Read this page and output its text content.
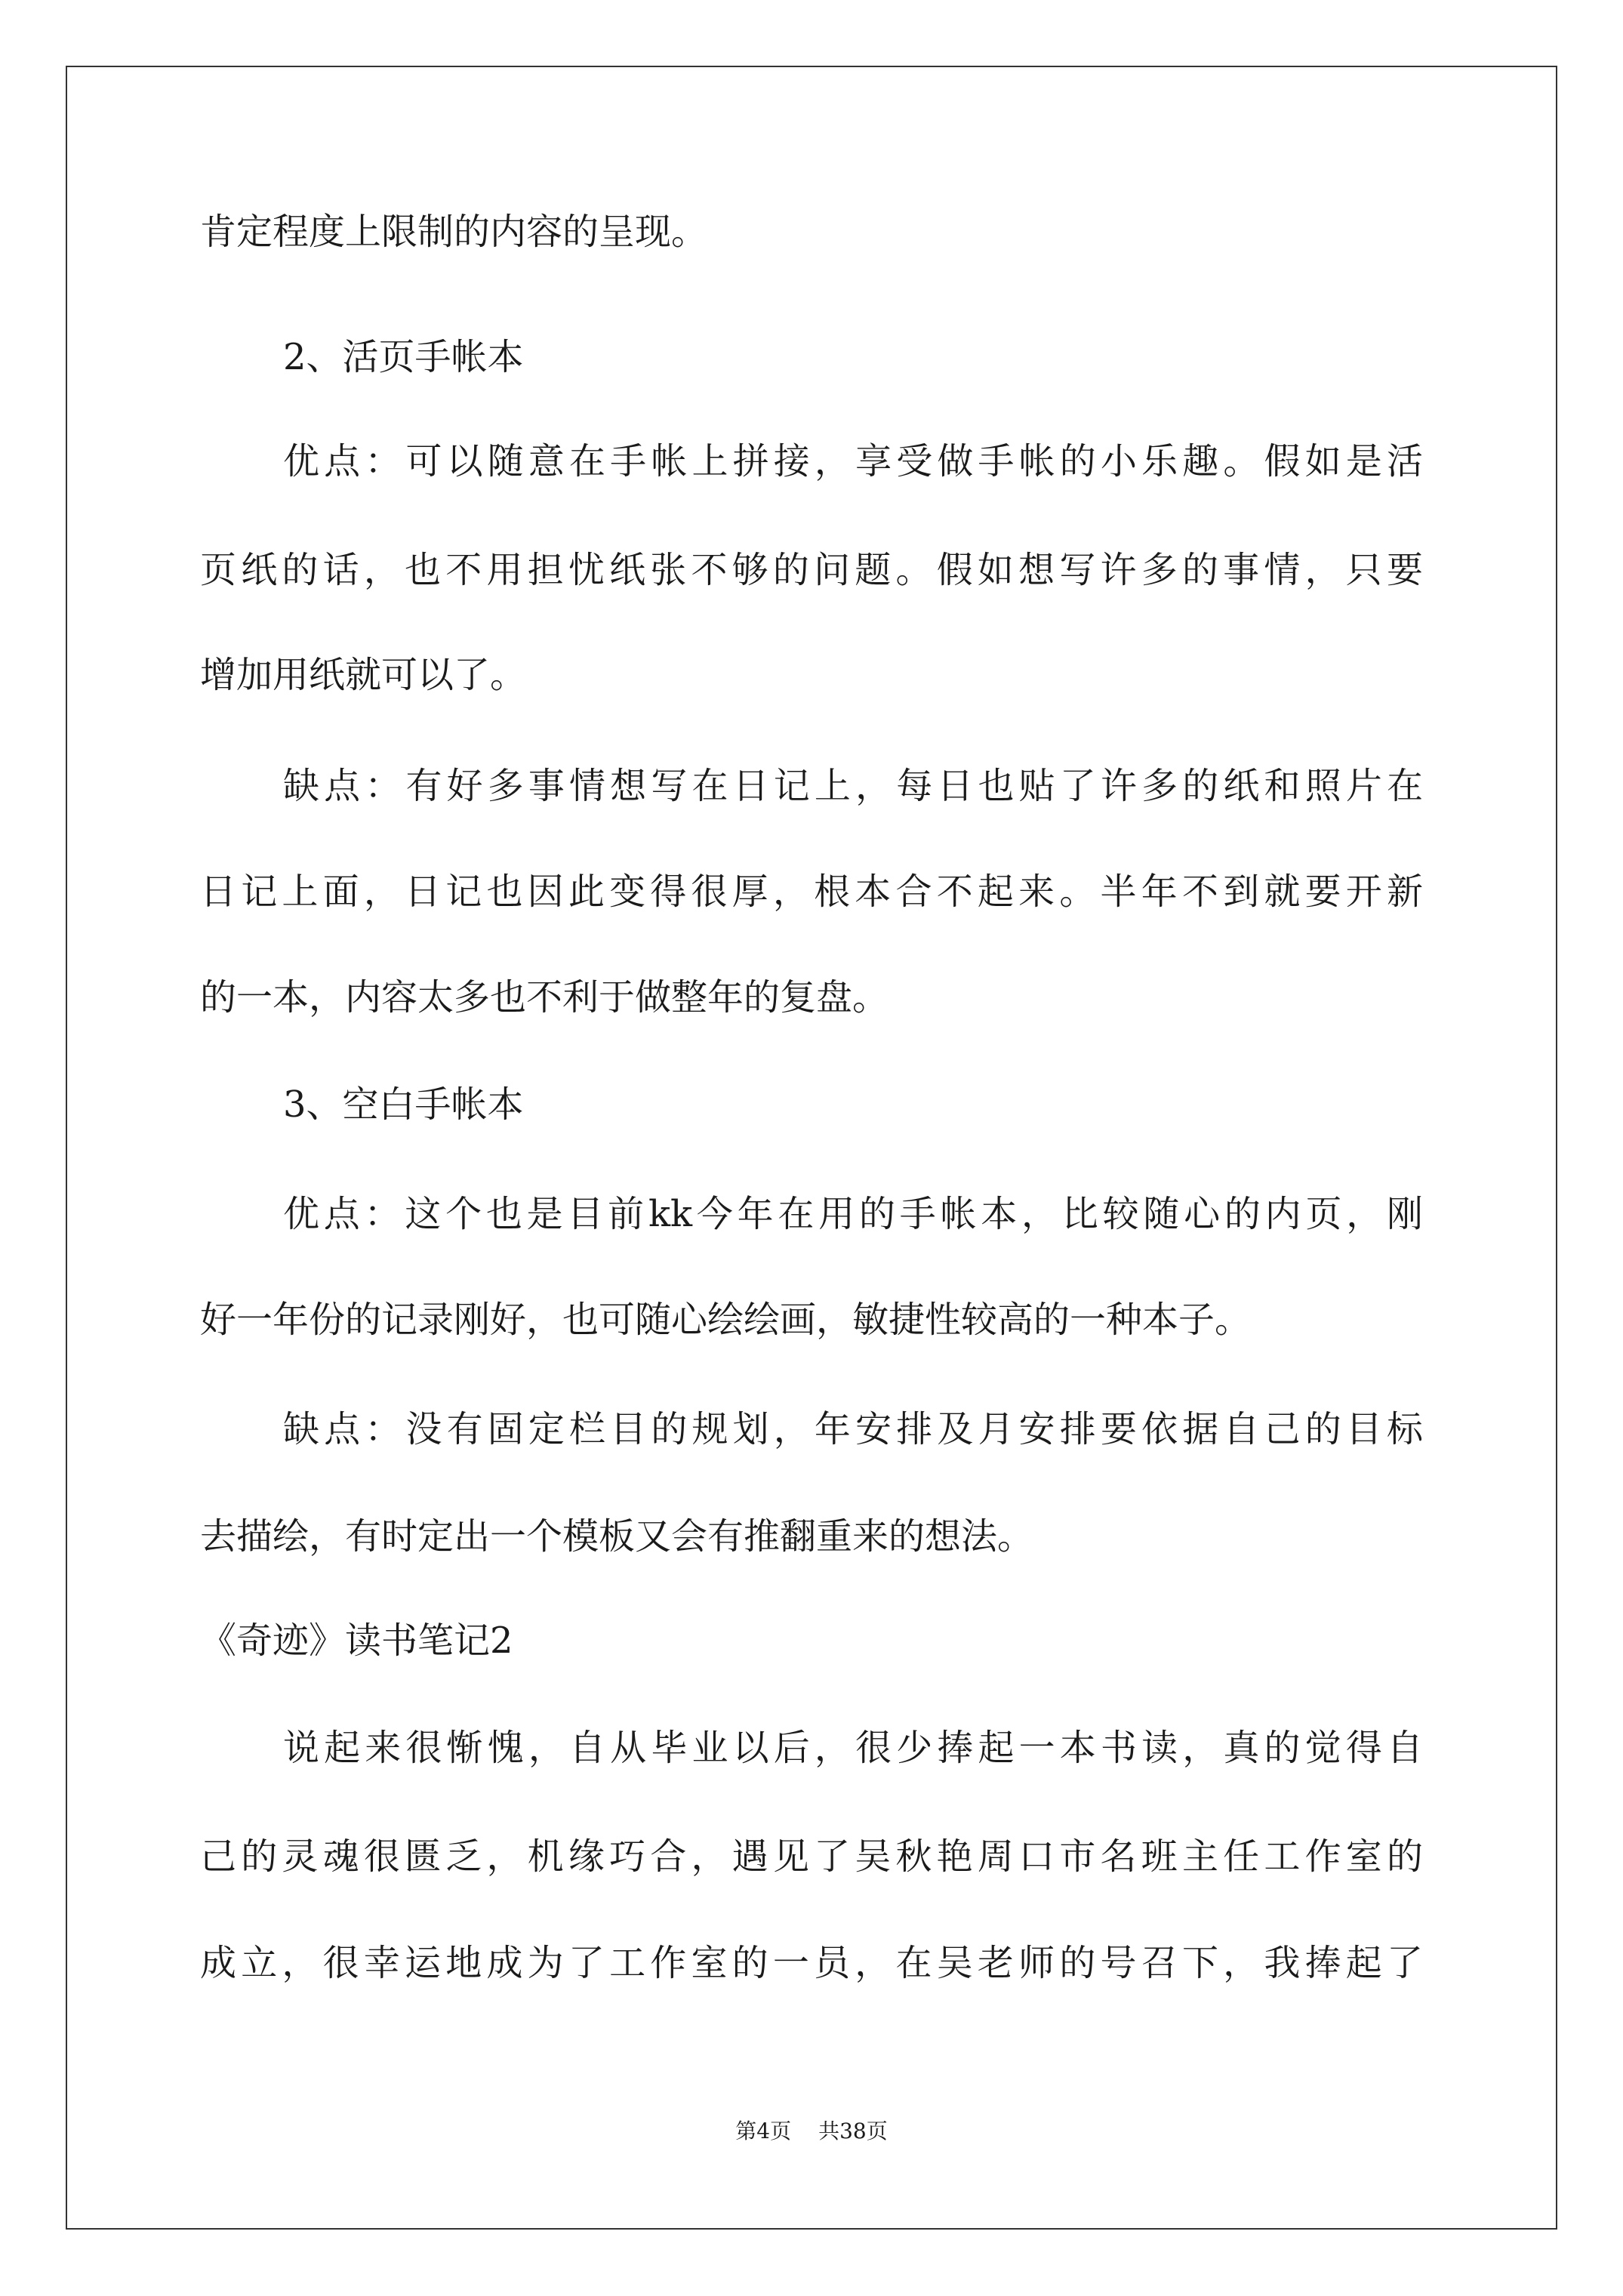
肯定程度上限制的内容的呈现。
2、活页手帐本
优点：可以随意在手帐上拼接，享受做手帐的小乐趣。假如是活
页纸的话，也不用担忧纸张不够的问题。假如想写许多的事情，只要
增加用纸就可以了。
缺点：有好多事情想写在日记上，每日也贴了许多的纸和照片在
日记上面，日记也因此变得很厚，根本合不起来。半年不到就要开新
的一本，内容太多也不利于做整年的复盘。
3、空白手帐本
优点：这个也是目前kk今年在用的手帐本，比较随心的内页，刚
好一年份的记录刚好，也可随心绘绘画，敏捷性较高的一种本子。
缺点：没有固定栏目的规划，年安排及月安排要依据自己的目标
去描绘，有时定出一个模板又会有推翻重来的想法。
《奇迹》读书笔记2
说起来很惭愧，自从毕业以后，很少捧起一本书读，真的觉得自
己的灵魂很匮乏，机缘巧合，遇见了吴秋艳周口市名班主任工作室的
成立，很幸运地成为了工作室的一员，在吴老师的号召下，我捧起了
第4页 共38页
